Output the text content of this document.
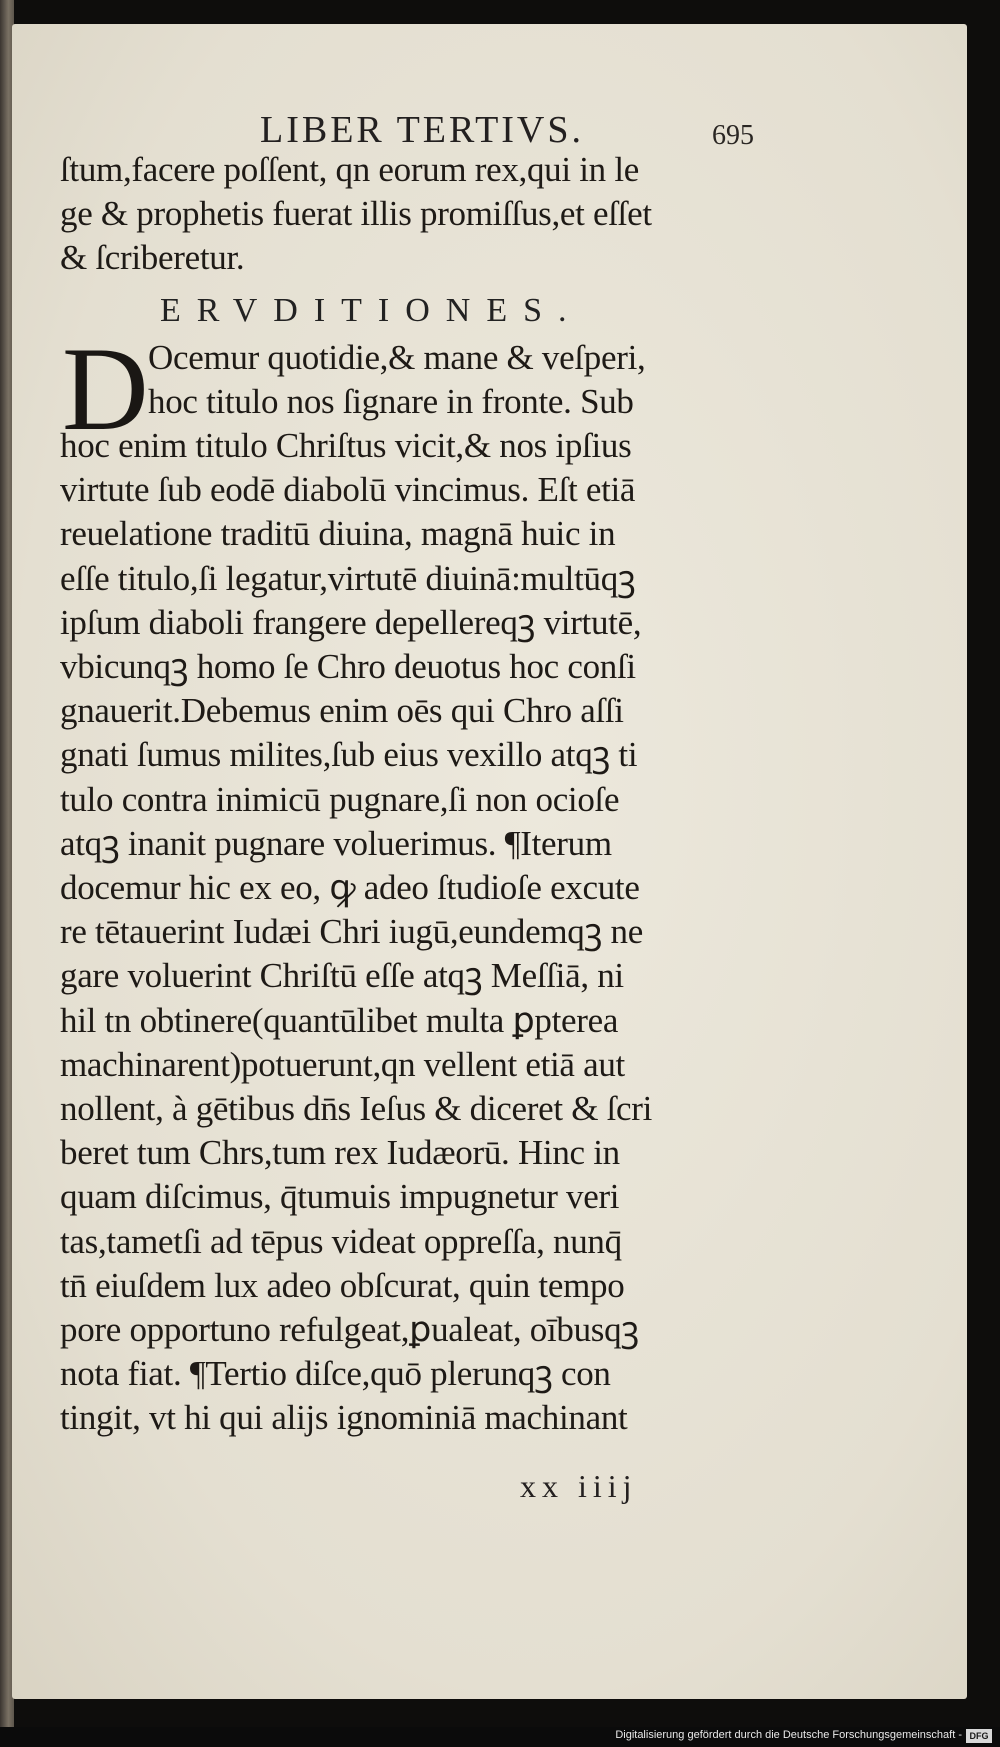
LIBER TERTIVS.	695
ſtum,facere poſſent, qn eorum rex,qui in le
ge & prophetis fuerat illis promiſſus,et eſſet
& ſcriberetur.
ERVDITIONES.
D Ocemur quotidie,& mane & veſperi,
hoc titulo nos ſignare in fronte. Sub
hoc enim titulo Chriſtus vicit,& nos ipſius
virtute ſub eodē diabolū vincimus. Eſt etiā
reuelatione traditū diuina, magnā huic in
eſſe titulo,ſi legatur,virtutē diuinā:multūqꝫ
ipſum diaboli frangere depellereqꝫ virtutē,
vbicunqꝫ homo ſe Chro deuotus hoc conſi
gnauerit.Debemus enim oēs qui Chro aſſi
gnati ſumus milites,ſub eius vexillo atqꝫ ti
tulo contra inimicū pugnare,ſi non ocioſe
atqꝫ inanit pugnare voluerimus. ¶Iterum
docemur hic ex eo, ꝙ adeo ſtudioſe excute
re tētauerint Iudæi Chri iugū,eundemqꝫ ne
gare voluerint Chriſtū eſſe atqꝫ Meſſiā, ni
hil tn obtinere(quantūlibet multa ꝑpterea
machinarent)potuerunt,qn vellent etiā aut
nollent, à gētibus dn̄s Ieſus & diceret & ſcri
beret tum Chrs,tum rex Iudæorū. Hinc in
quam diſcimus, q̄tumuis impugnetur veri
tas,tametſi ad tēpus videat oppreſſa, nunq̄
tn̄ eiuſdem lux adeo obſcurat, quin tempo
pore opportuno refulgeat,ꝑualeat, oībusqꝫ
nota fiat. ¶Tertio diſce,quō plerunqꝫ con
tingit, vt hi qui alijs ignominiā machinant
xx iiij
Digitalisierung gefördert durch die Deutsche Forschungsgemeinschaft - DFG
